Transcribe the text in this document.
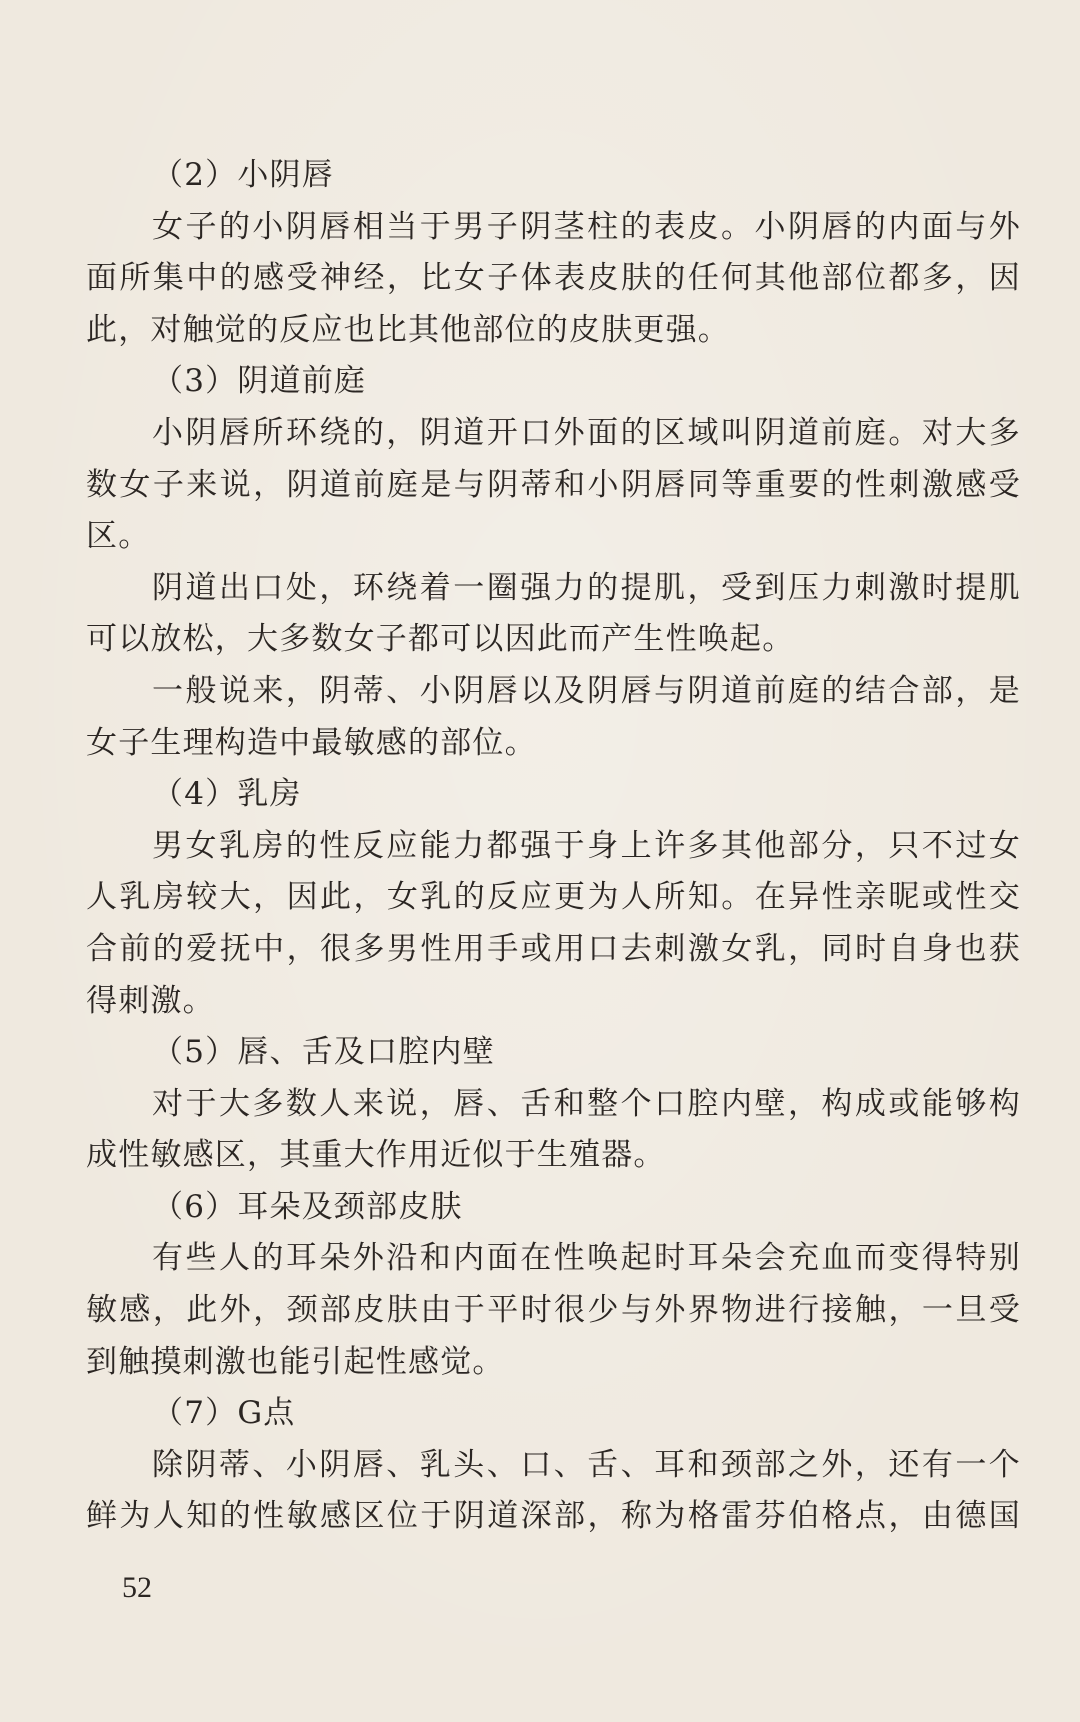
（2）小阴唇
女子的小阴唇相当于男子阴茎柱的表皮。小阴唇的内面与外
面所集中的感受神经，比女子体表皮肤的任何其他部位都多，因
此，对触觉的反应也比其他部位的皮肤更强。
（3）阴道前庭
小阴唇所环绕的，阴道开口外面的区域叫阴道前庭。对大多
数女子来说，阴道前庭是与阴蒂和小阴唇同等重要的性刺激感受
区。
阴道出口处，环绕着一圈强力的提肌，受到压力刺激时提肌
可以放松，大多数女子都可以因此而产生性唤起。
一般说来，阴蒂、小阴唇以及阴唇与阴道前庭的结合部，是
女子生理构造中最敏感的部位。
（4）乳房
男女乳房的性反应能力都强于身上许多其他部分，只不过女
人乳房较大，因此，女乳的反应更为人所知。在异性亲昵或性交
合前的爱抚中，很多男性用手或用口去刺激女乳，同时自身也获
得刺激。
（5）唇、舌及口腔内壁
对于大多数人来说，唇、舌和整个口腔内壁，构成或能够构
成性敏感区，其重大作用近似于生殖器。
（6）耳朵及颈部皮肤
有些人的耳朵外沿和内面在性唤起时耳朵会充血而变得特别
敏感，此外，颈部皮肤由于平时很少与外界物进行接触，一旦受
到触摸刺激也能引起性感觉。
（7）G点
除阴蒂、小阴唇、乳头、口、舌、耳和颈部之外，还有一个
鲜为人知的性敏感区位于阴道深部，称为格雷芬伯格点，由德国
52
